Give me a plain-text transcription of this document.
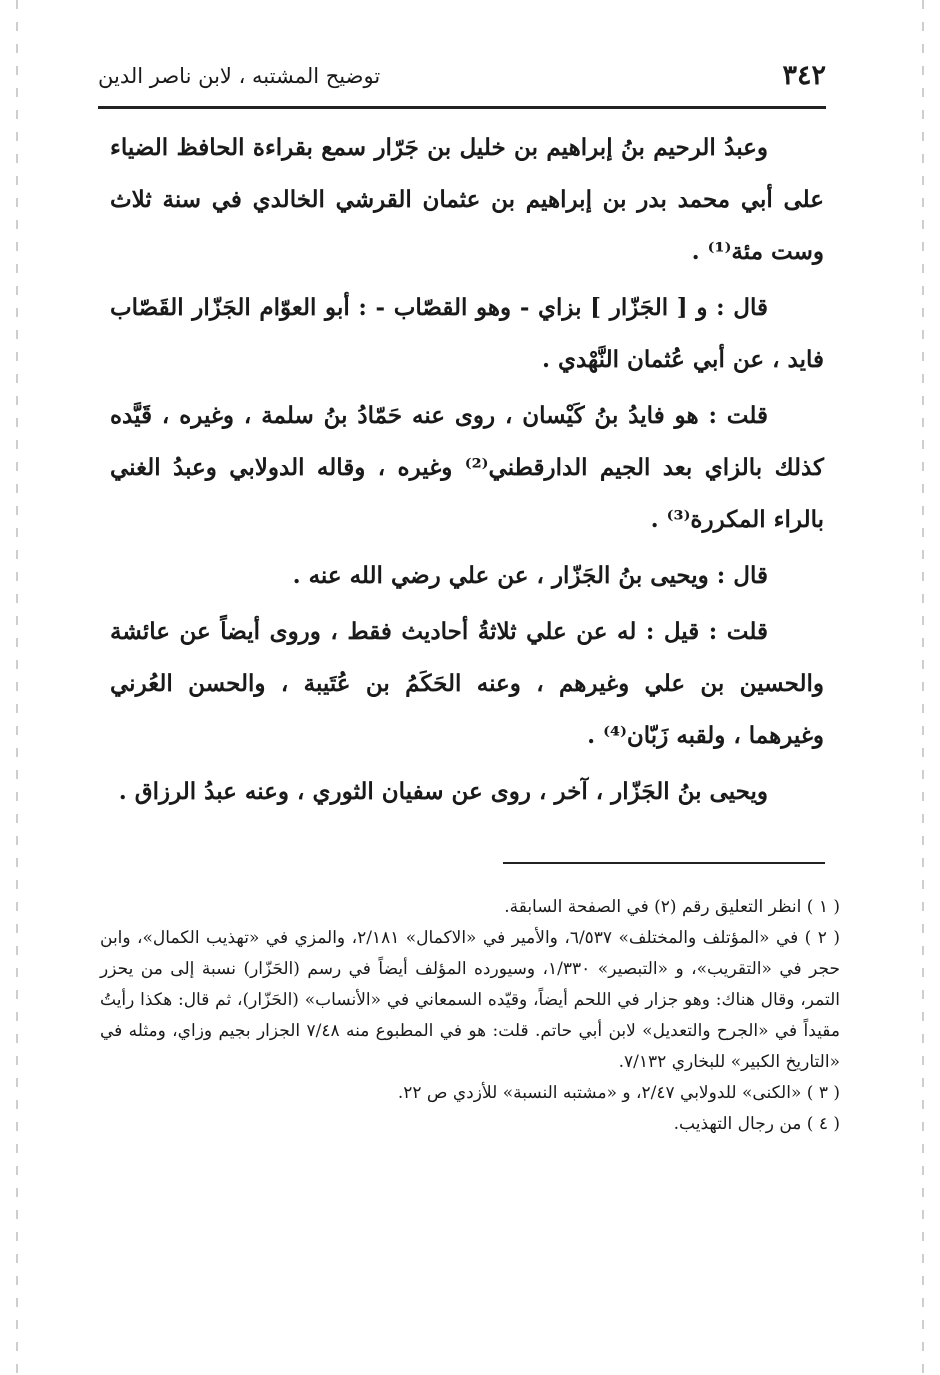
٣٤٢
توضيح المشتبه ، لابن ناصر الدين

وعبدُ الرحيم بنُ إبراهيم بن خليل بن جَرّار سمع بقراءة الحافظ الضياء على أبي محمد بدر بن إبراهيم بن عثمان القرشي الخالدي في سنة ثلاث وست مئة⁽¹⁾ .

قال : و [ الجَزّار ] بزاي - وهو القصّاب - : أبو العوّام الجَزّار القَصّاب فايد ، عن أبي عُثمان النَّهْدي .

قلت : هو فايدُ بنُ كَيْسان ، روى عنه حَمّادُ بنُ سلمة ، وغيره ، قَيَّده كذلك بالزاي بعد الجيم الدارقطني⁽²⁾ وغيره ، وقاله الدولابي وعبدُ الغني بالراء المكررة⁽³⁾ .

قال : ويحيى بنُ الجَزّار ، عن علي رضي الله عنه .

قلت : قيل : له عن علي ثلاثةُ أحاديث فقط ، وروى أيضاً عن عائشة والحسين بن علي وغيرهم ، وعنه الحَكَمُ بن عُتَيبة ، والحسن العُرني وغيرهما ، ولقبه زَبّان⁽⁴⁾ .

ويحيى بنُ الجَزّار ، آخر ، روى عن سفيان الثوري ، وعنه عبدُ الرزاق .

( ١ ) انظر التعليق رقم (٢) في الصفحة السابقة.

( ٢ ) في «المؤتلف والمختلف» ٦/٥٣٧، والأمير في «الاكمال» ٢/١٨١، والمزي في «تهذيب الكمال»، وابن حجر في «التقريب»، و «التبصير» ١/٣٣٠، وسيورده المؤلف أيضاً في رسم (الحَزّار) نسبة إلى من يحزر التمر، وقال هناك: وهو جزار في اللحم أيضاً، وقيّده السمعاني في «الأنساب» (الحَزّار)، ثم قال: هكذا رأيتُ مقيداً في «الجرح والتعديل» لابن أبي حاتم. قلت: هو في المطبوع منه ٧/٤٨ الجزار بجيم وزاي، ومثله في «التاريخ الكبير» للبخاري ٧/١٣٢.

( ٣ ) «الكنى» للدولابي ٢/٤٧، و «مشتبه النسبة» للأزدي ص ٢٢.

( ٤ ) من رجال التهذيب.
